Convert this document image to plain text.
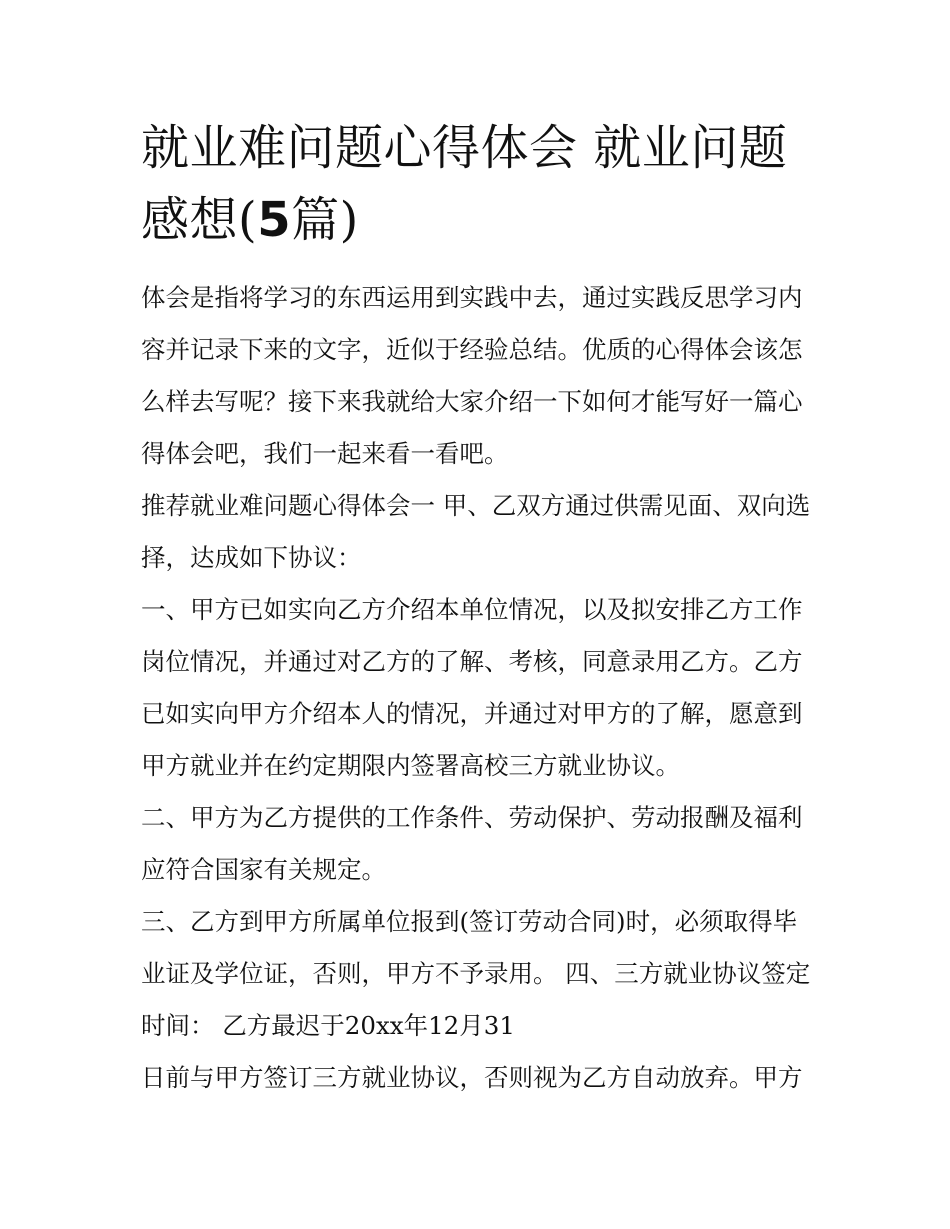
就业难问题心得体会 就业问题感想(5篇)

体会是指将学习的东西运用到实践中去，通过实践反思学习内容并记录下来的文字，近似于经验总结。优质的心得体会该怎么样去写呢？接下来我就给大家介绍一下如何才能写好一篇心得体会吧，我们一起来看一看吧。

推荐就业难问题心得体会一 甲、乙双方通过供需见面、双向选择，达成如下协议：

一、甲方已如实向乙方介绍本单位情况，以及拟安排乙方工作岗位情况，并通过对乙方的了解、考核，同意录用乙方。乙方已如实向甲方介绍本人的情况，并通过对甲方的了解，愿意到甲方就业并在约定期限内签署高校三方就业协议。

二、甲方为乙方提供的工作条件、劳动保护、劳动报酬及福利应符合国家有关规定。

三、乙方到甲方所属单位报到(签订劳动合同)时，必须取得毕业证及学位证，否则，甲方不予录用。 四、三方就业协议签定时间： 乙方最迟于20xx年12月31

日前与甲方签订三方就业协议，否则视为乙方自动放弃。甲方
